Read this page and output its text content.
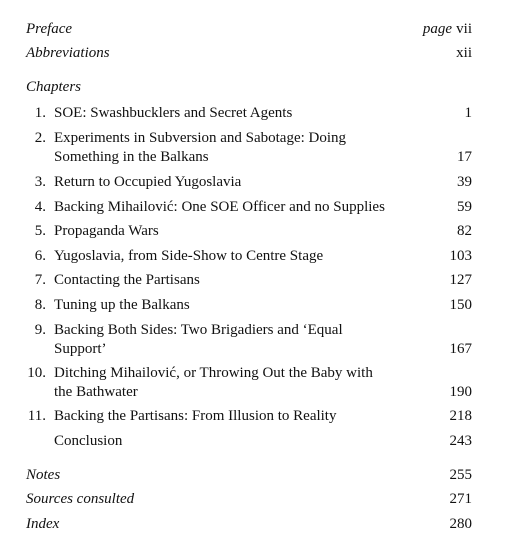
Preface	page vii
Abbreviations	xii
Chapters
1. SOE: Swashbucklers and Secret Agents	1
2. Experiments in Subversion and Sabotage: Doing
Something in the Balkans	17
3. Return to Occupied Yugoslavia	39
4. Backing Mihailović: One SOE Officer and no Supplies	59
5. Propaganda Wars	82
6. Yugoslavia, from Side-Show to Centre Stage	103
7. Contacting the Partisans	127
8. Tuning up the Balkans	150
9. Backing Both Sides: Two Brigadiers and ‘Equal
Support’	167
10. Ditching Mihailović, or Throwing Out the Baby with
the Bathwater	190
11. Backing the Partisans: From Illusion to Reality	218
Conclusion	243
Notes	255
Sources consulted	271
Index	280
